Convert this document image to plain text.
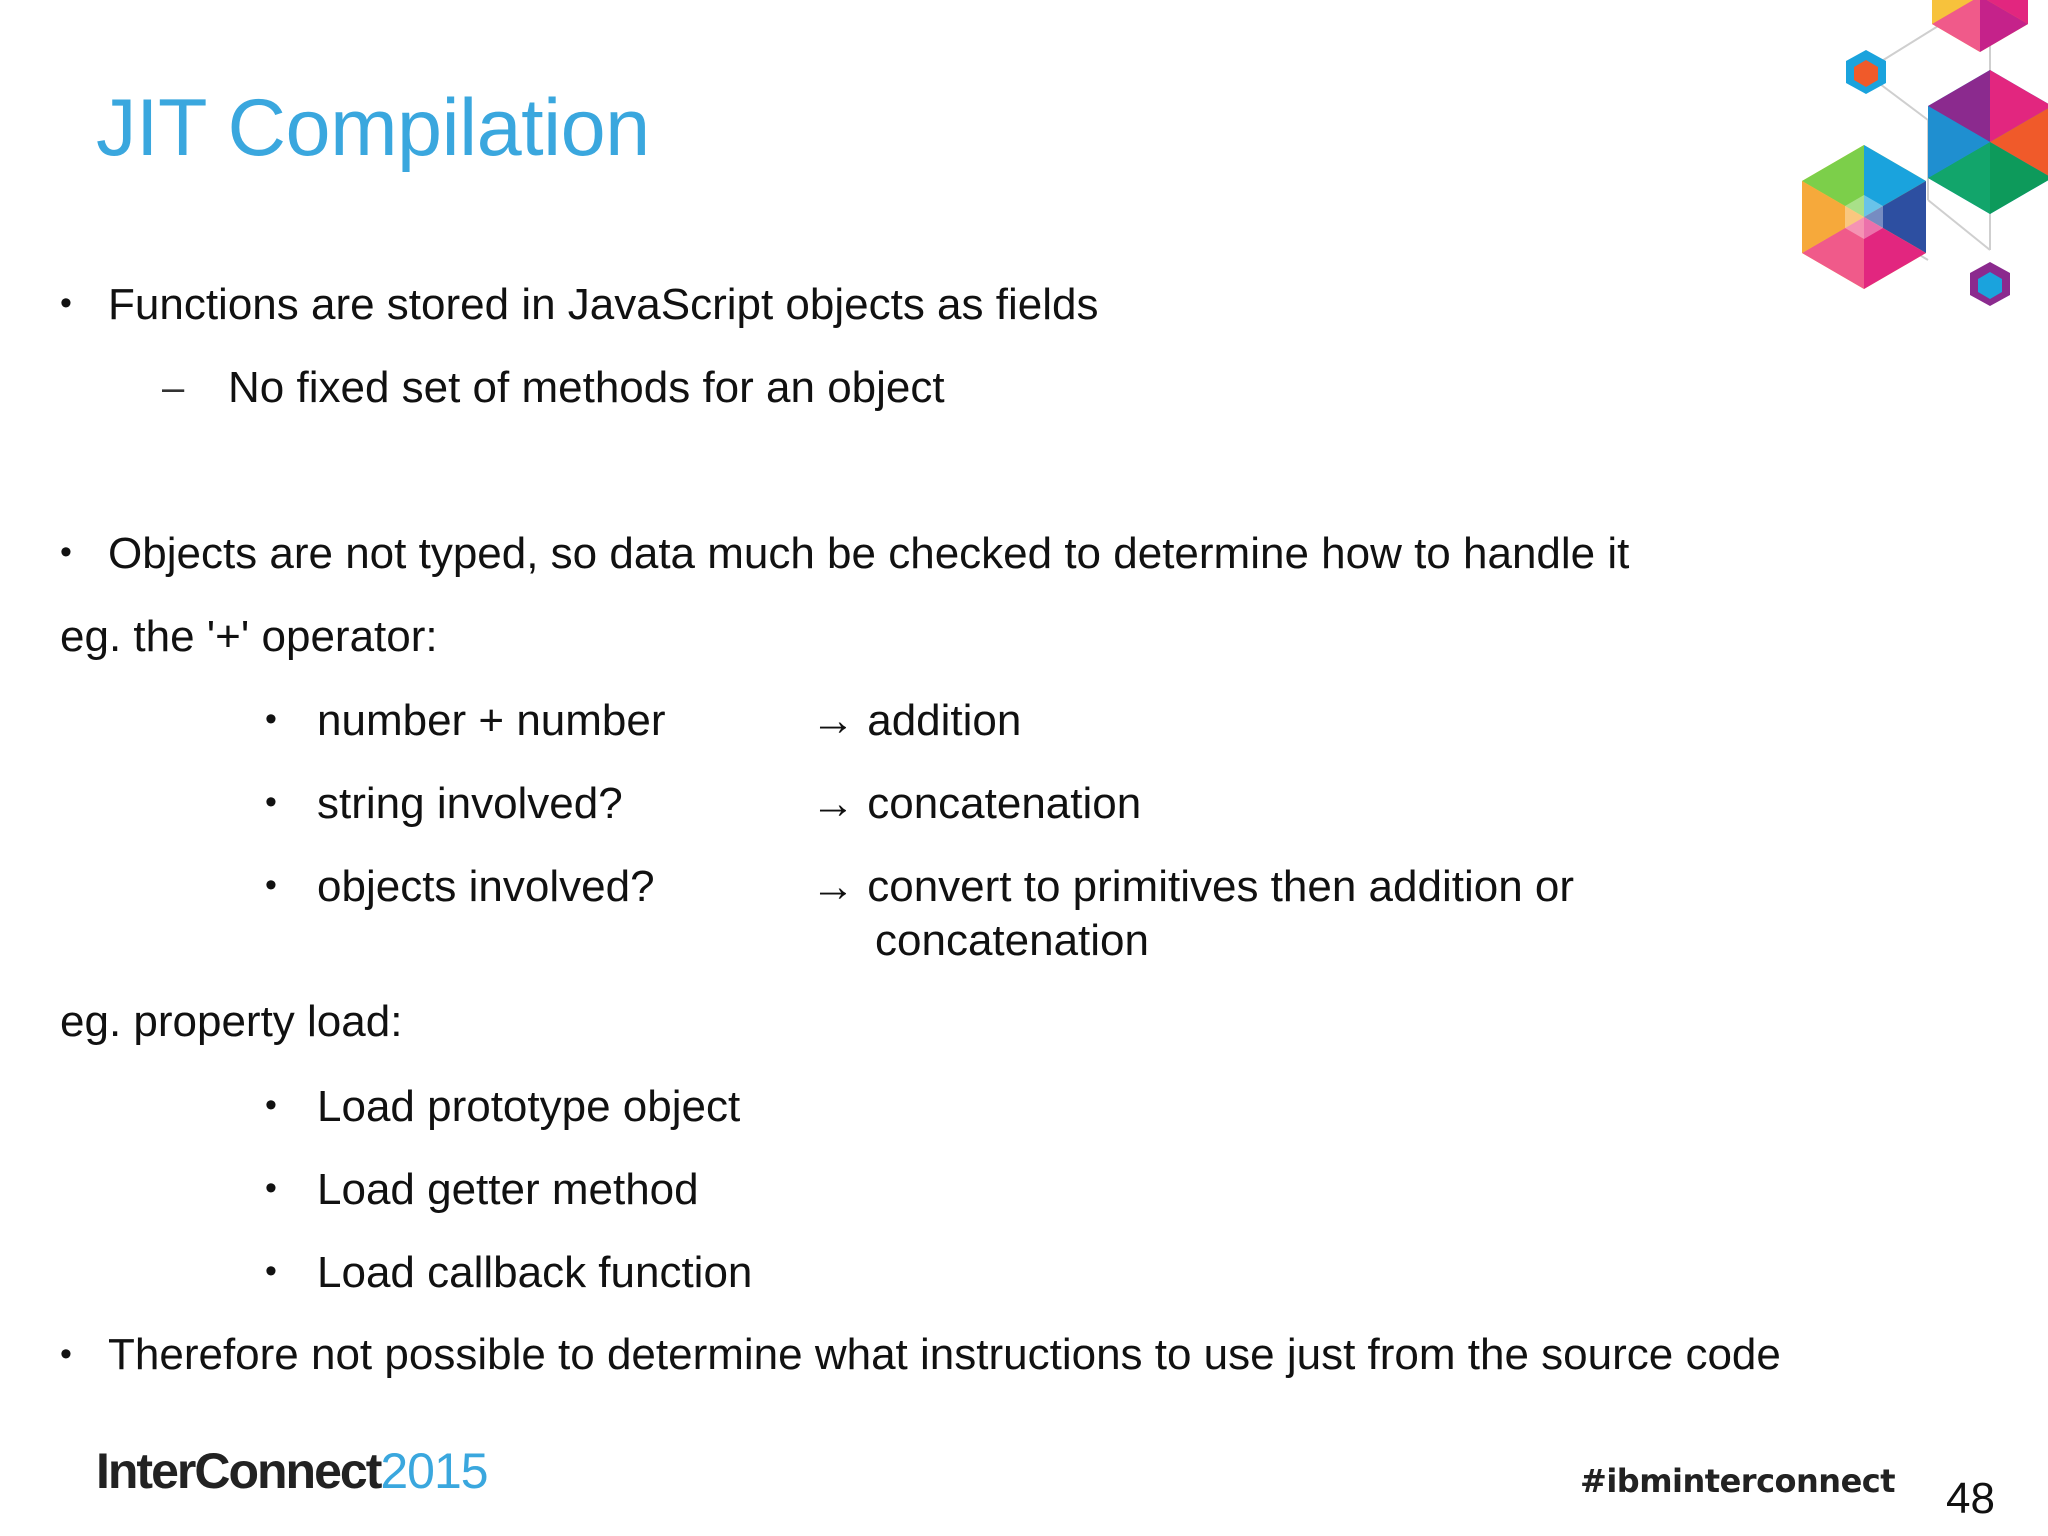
JIT Compilation
• Functions are stored in JavaScript objects as fields
– No fixed set of methods for an object
• Objects are not typed, so data much be checked to determine how to handle it
eg. the '+' operator:
• number + number	→ addition
• string involved?	→ concatenation
• objects involved?	→ convert to primitives then addition or
concatenation
eg. property load:
• Load prototype object
• Load getter method
• Load callback function
• Therefore not possible to determine what instructions to use just from the source code
InterConnect2015	#ibminterconnect 48
